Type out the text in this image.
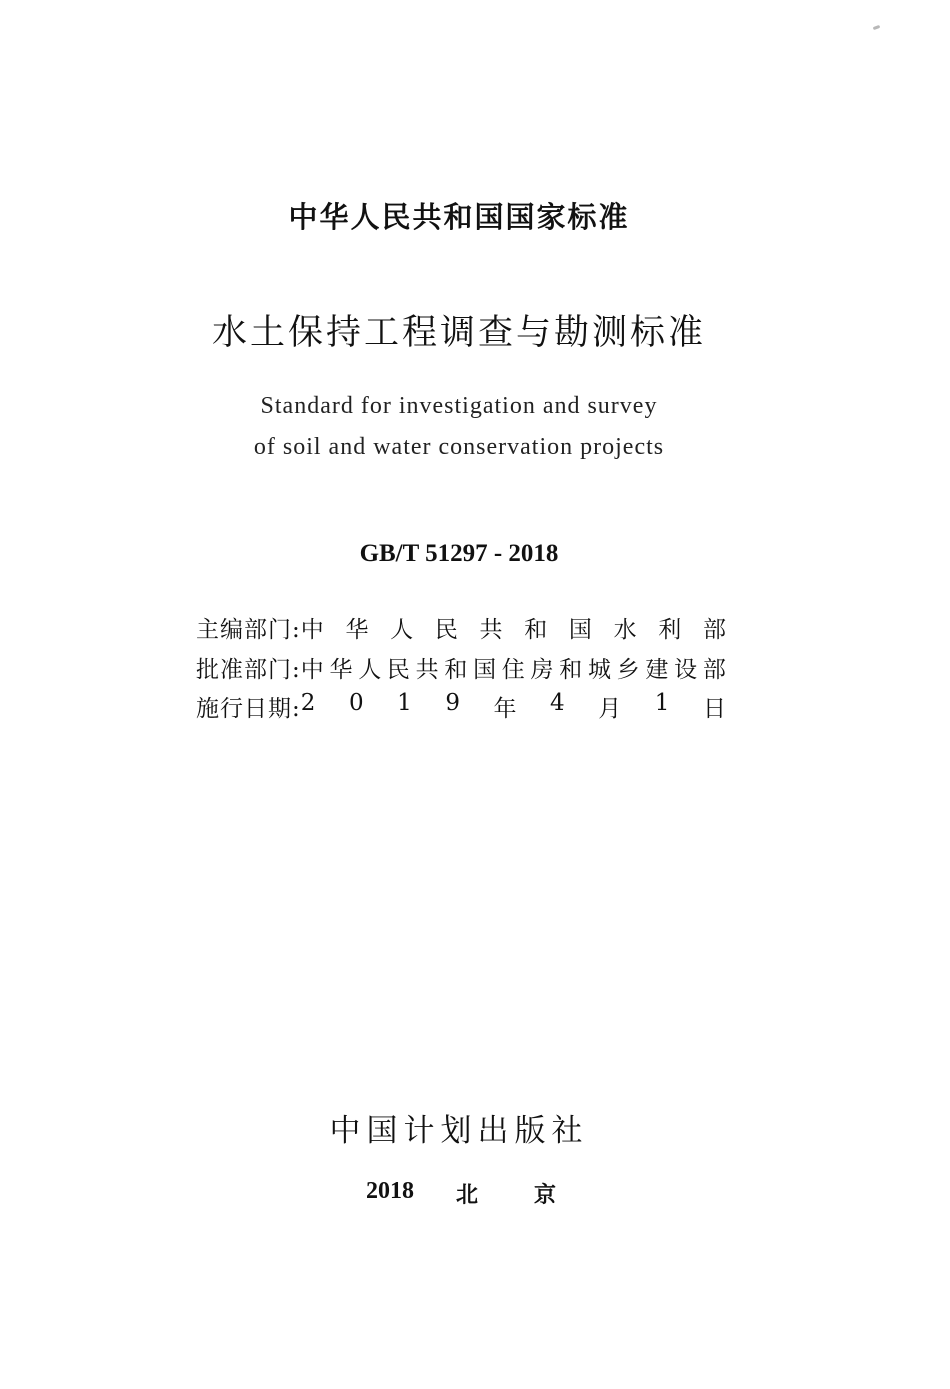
中华人民共和国国家标准
水土保持工程调查与勘测标准
Standard for investigation and survey
of soil and water conservation projects
GB/T 51297 - 2018
主编部门: 中 华 人 民 共 和 国 水 利 部
批准部门: 中 华 人 民 共 和 国 住 房 和 城 乡 建 设 部
施行日期: 2 0 1 9 年 4 月 1 日
中国计划出版社
2018 北	京
